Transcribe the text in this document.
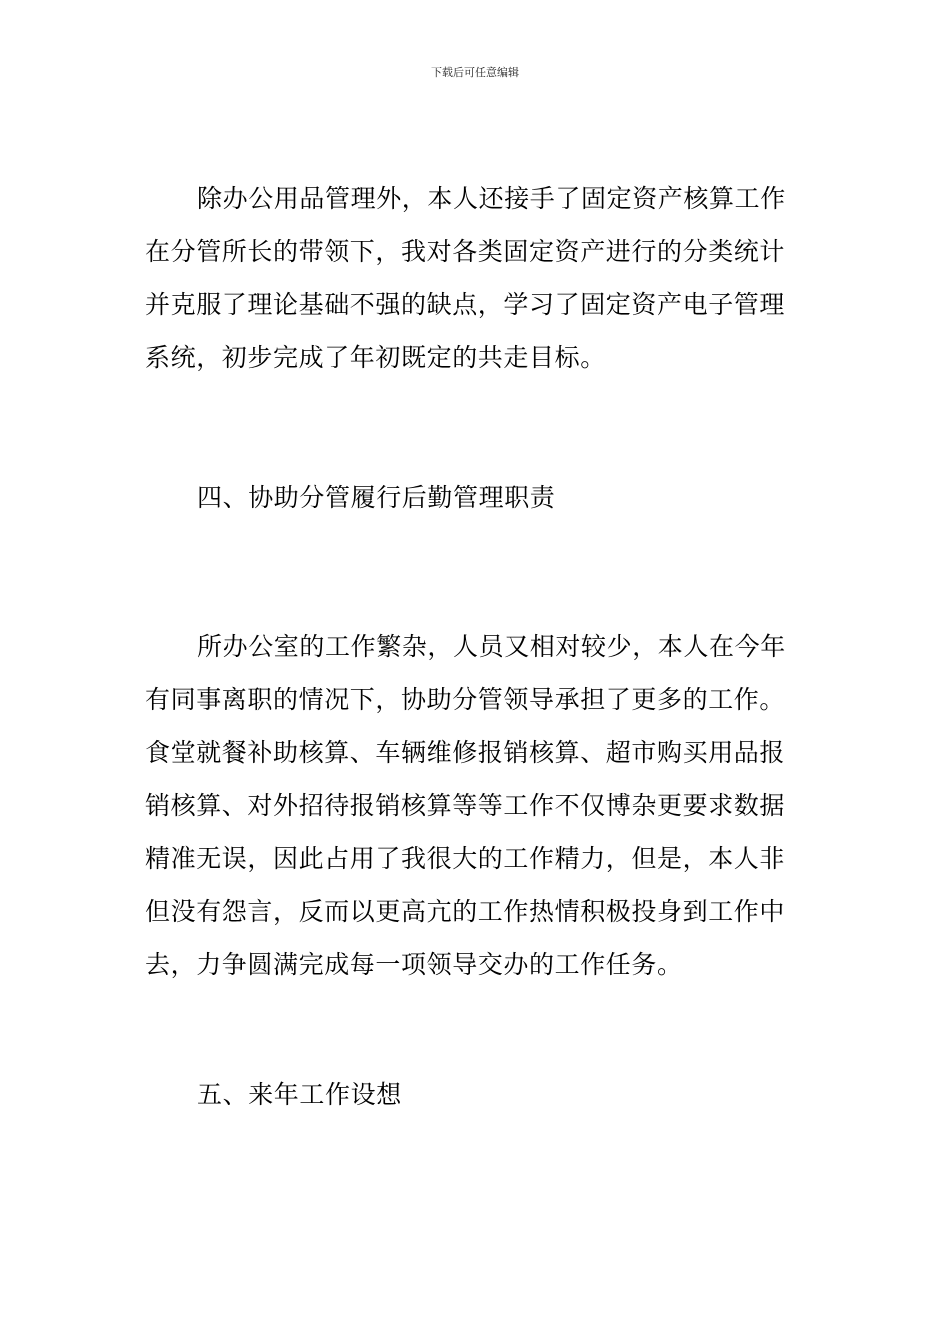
下载后可任意编辑
除办公用品管理外，本人还接手了固定资产核算工作
在分管所长的带领下，我对各类固定资产进行的分类统计
并克服了理论基础不强的缺点，学习了固定资产电子管理
系统，初步完成了年初既定的共走目标。
四、协助分管履行后勤管理职责
所办公室的工作繁杂，人员又相对较少，本人在今年
有同事离职的情况下，协助分管领导承担了更多的工作。
食堂就餐补助核算、车辆维修报销核算、超市购买用品报
销核算、对外招待报销核算等等工作不仅博杂更要求数据
精准无误，因此占用了我很大的工作精力，但是，本人非
但没有怨言，反而以更高亢的工作热情积极投身到工作中
去，力争圆满完成每一项领导交办的工作任务。
五、来年工作设想
